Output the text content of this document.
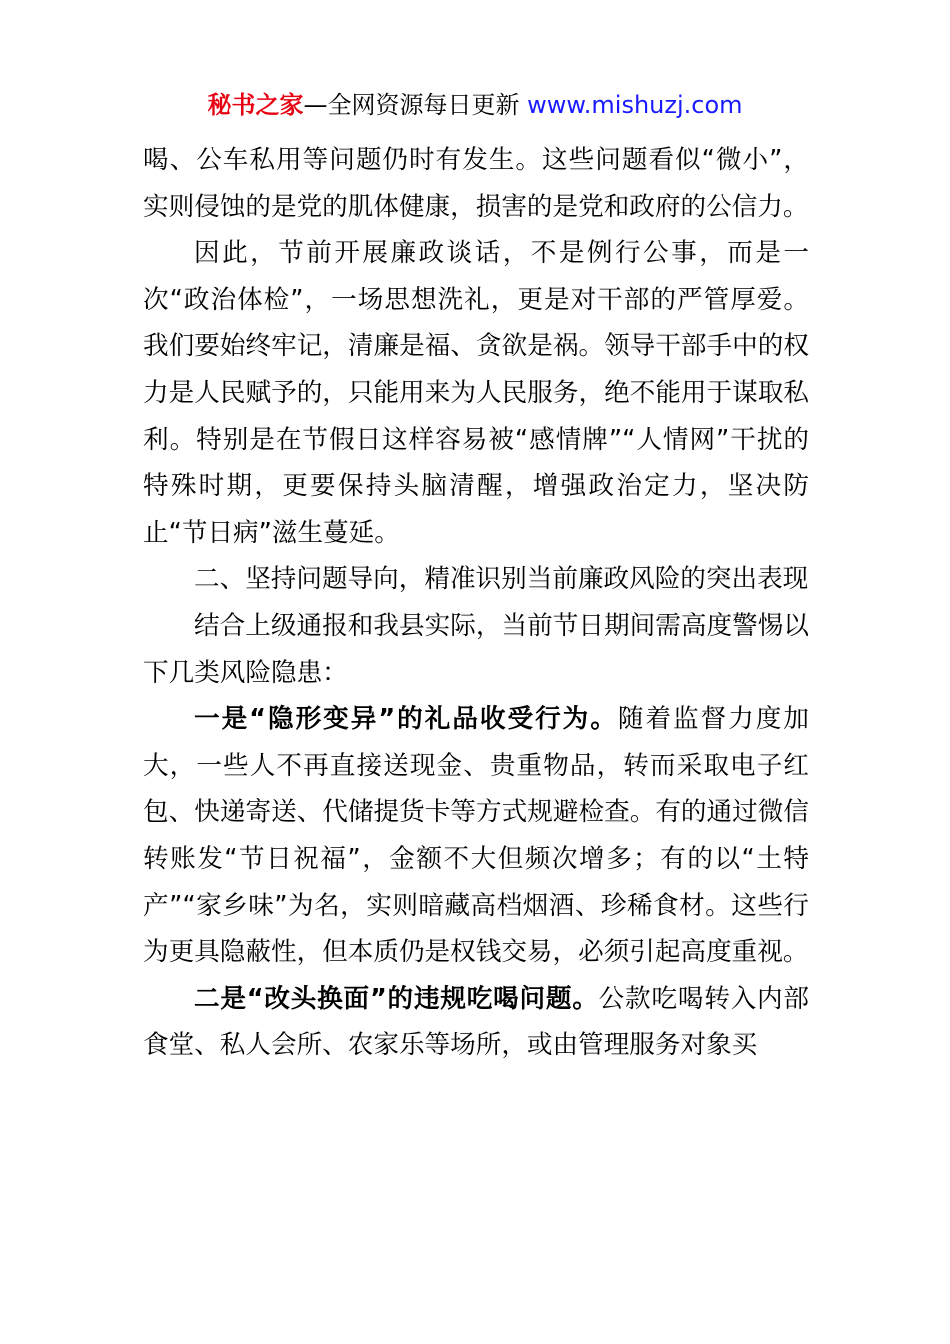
秘书之家—全网资源每日更新 www.mishuzj.com

喝、公车私用等问题仍时有发生。这些问题看似“微小”，实则侵蚀的是党的肌体健康，损害的是党和政府的公信力。

因此，节前开展廉政谈话，不是例行公事，而是一次“政治体检”，一场思想洗礼，更是对干部的严管厚爱。我们要始终牢记，清廉是福、贪欲是祸。领导干部手中的权力是人民赋予的，只能用来为人民服务，绝不能用于谋取私利。特别是在节假日这样容易被“感情牌”“人情网”干扰的特殊时期，更要保持头脑清醒，增强政治定力，坚决防止“节日病”滋生蔓延。

二、坚持问题导向，精准识别当前廉政风险的突出表现

结合上级通报和我县实际，当前节日期间需高度警惕以下几类风险隐患：

一是“隐形变异”的礼品收受行为。随着监督力度加大，一些人不再直接送现金、贵重物品，转而采取电子红包、快递寄送、代储提货卡等方式规避检查。有的通过微信转账发“节日祝福”，金额不大但频次增多；有的以“土特产”“家乡味”为名，实则暗藏高档烟酒、珍稀食材。这些行为更具隐蔽性，但本质仍是权钱交易，必须引起高度重视。

二是“改头换面”的违规吃喝问题。公款吃喝转入内部食堂、私人会所、农家乐等场所，或由管理服务对象买
